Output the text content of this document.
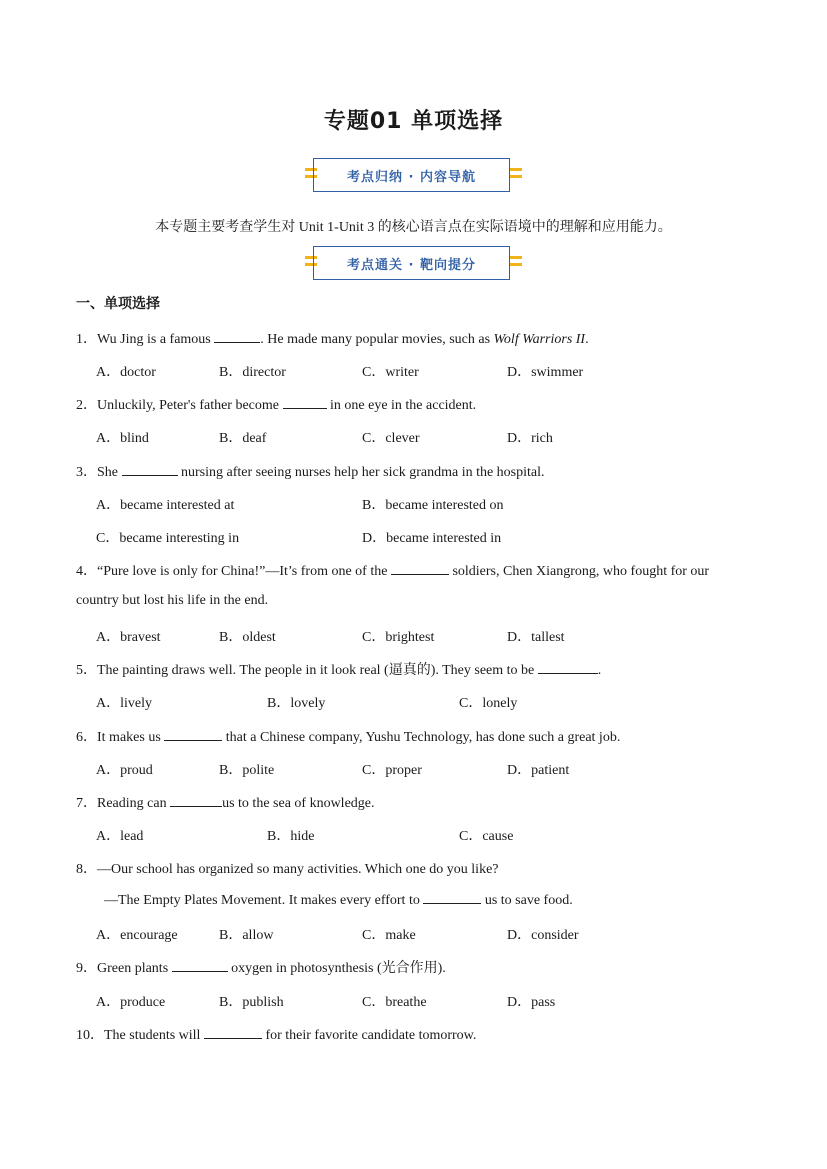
专题01 单项选择
考点归纳 · 内容导航
本专题主要考查学生对 Unit 1-Unit 3 的核心语言点在实际语境中的理解和应用能力。
考点通关 · 靶向提分
一、单项选择
1．Wu Jing is a famous	. He made many popular movies, such as Wolf Warriors II.
A．doctor	B．director	C．writer	D．swimmer
2．Unluckily, Peter's father become	in one eye in the accident.
A．blind	B．deaf	C．clever	D．rich
3．She	nursing after seeing nurses help her sick grandma in the hospital.
A．became interested at	B．became interested on
C．became interesting in	D．became interested in
4．“Pure love is only for China!”—It’s from one of the	soldiers, Chen Xiangrong, who fought for our
country but lost his life in the end.
A．bravest	B．oldest	C．brightest	D．tallest
5．The painting draws well. The people in it look real (逼真的). They seem to be	.
A．lively	B．lovely	C．lonely
6．It makes us	that a Chinese company, Yushu Technology, has done such a great job.
A．proud	B．polite	C．proper	D．patient
7．Reading can	us to the sea of knowledge.
A．lead	B．hide	C．cause
8．—Our school has organized so many activities. Which one do you like?
—The Empty Plates Movement. It makes every effort to	us to save food.
A．encourage	B．allow	C．make	D．consider
9．Green plants	oxygen in photosynthesis (光合作用).
A．produce	B．publish	C．breathe	D．pass
10．The students will	for their favorite candidate tomorrow.
